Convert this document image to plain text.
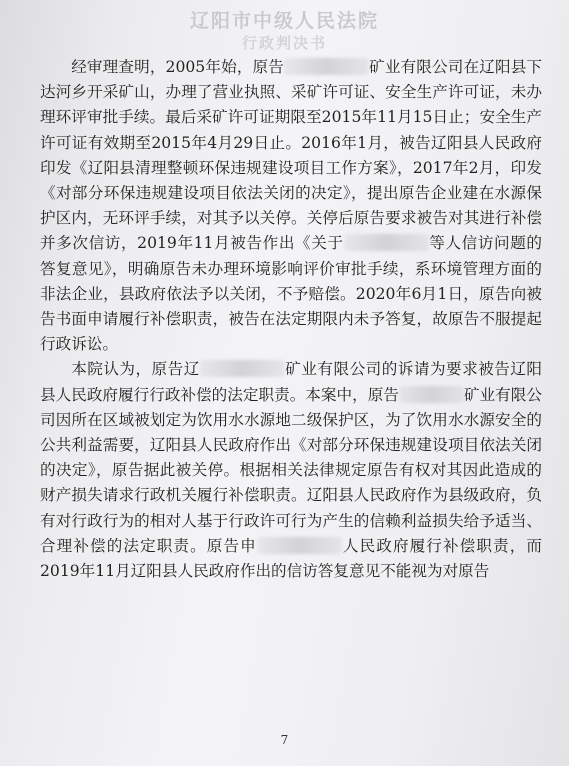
辽阳市中级人民法院
行政判决书

经审理查明，2005年始，原告	矿业有限公司在辽阳县下达河乡开采矿山，办理了营业执照、采矿许可证、安全生产许可证，未办理环评审批手续。最后采矿许可证期限至2015年11月15日止；安全生产许可证有效期至2015年4月29日止。2016年1月，被告辽阳县人民政府印发《辽阳县清理整顿环保违规建设项目工作方案》，2017年2月，印发《对部分环保违规建设项目依法关闭的决定》，提出原告企业建在水源保护区内，无环评手续，对其予以关停。关停后原告要求被告对其进行补偿并多次信访，2019年11月被告作出《关于	等人信访问题的答复意见》，明确原告未办理环境影响评价审批手续，系环境管理方面的非法企业，县政府依法予以关闭，不予赔偿。2020年6月1日，原告向被告书面申请履行补偿职责，被告在法定期限内未予答复，故原告不服提起行政诉讼。

本院认为，原告辽	矿业有限公司的诉请为要求被告辽阳县人民政府履行行政补偿的法定职责。本案中，原告	矿业有限公司因所在区域被划定为饮用水水源地二级保护区，为了饮用水水源安全的公共利益需要，辽阳县人民政府作出《对部分环保违规建设项目依法关闭的决定》，原告据此被关停。根据相关法律规定原告有权对其因此造成的财产损失请求行政机关履行补偿职责。辽阳县人民政府作为县级政府，负有对行政行为的相对人基于行政许可行为产生的信赖利益损失给予适当、合理补偿的法定职责。原告申	人民政府履行补偿职责，而2019年11月辽阳县人民政府作出的信访答复意见不能视为对原告

7
